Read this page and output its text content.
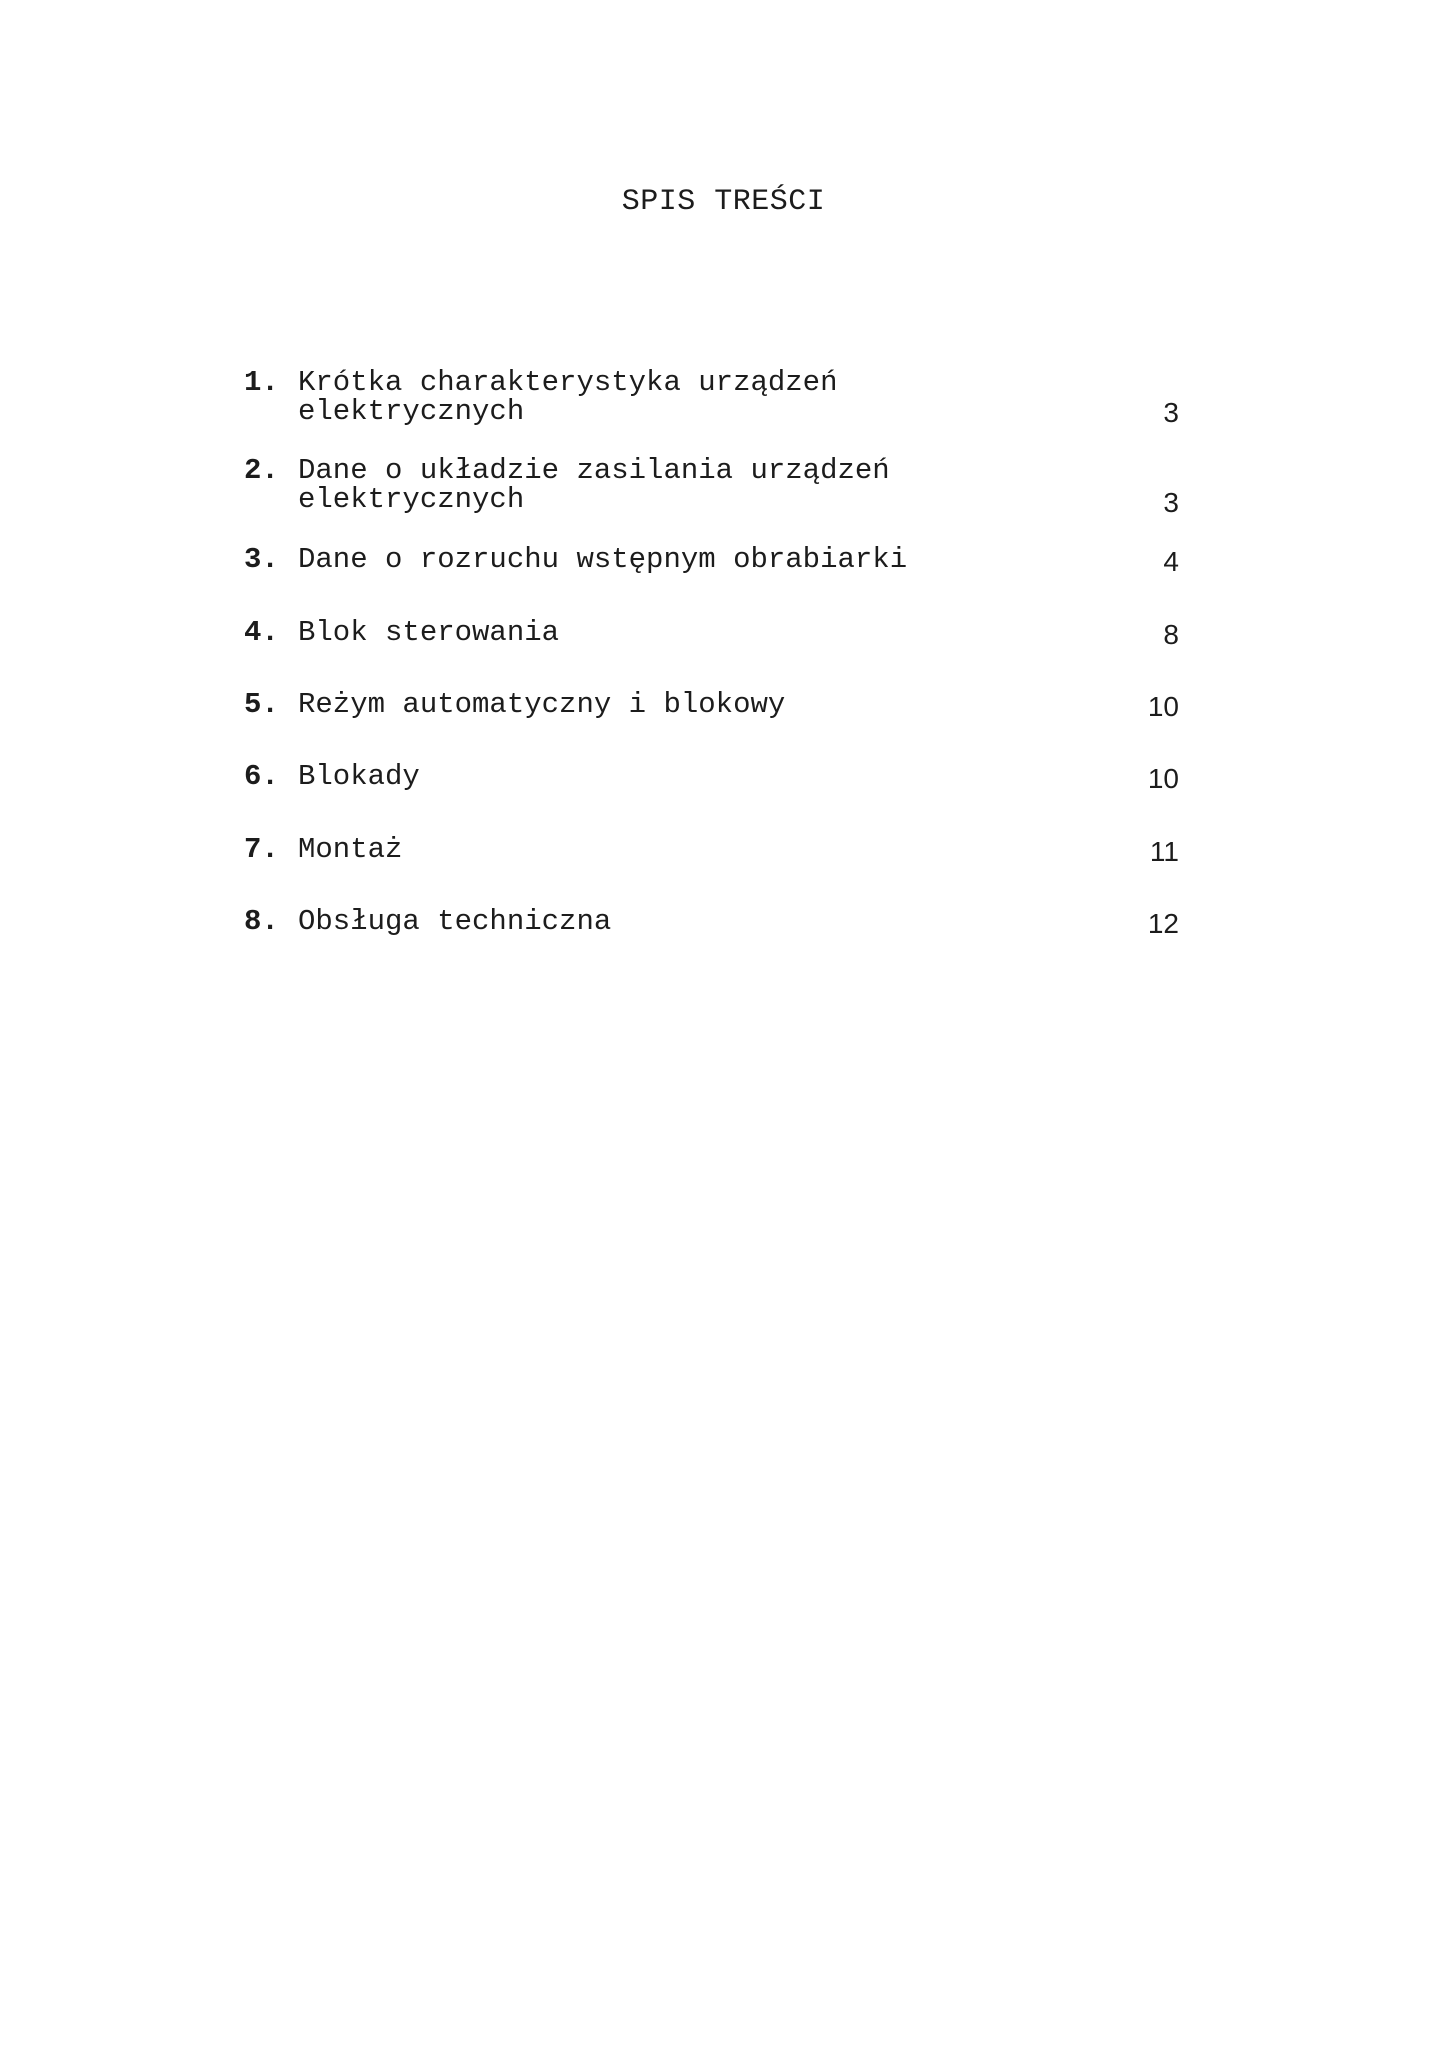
SPIS TREŚCI
1. Krótka charakterystyka urządzeń
elektrycznych	3
2. Dane o układzie zasilania urządzeń
elektrycznych	3
3. Dane o rozruchu wstępnym obrabiarki	4
4. Blok sterowania	8
5. Reżym automatyczny i blokowy	10
6. Blokady	10
7. Montaż	11
8. Obsługa techniczna	12
